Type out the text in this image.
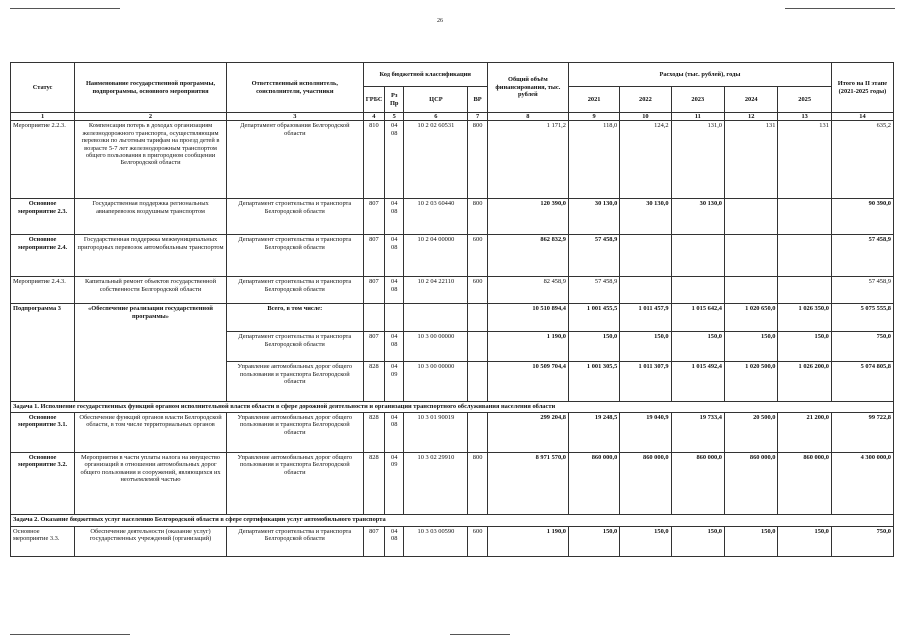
26
Статус	Наименование государственной программы, подпрограммы, основного мероприятия	Ответственный исполнитель, соисполнители, участники	Код бюджетной классификации				Общий объём финансирования, тыс. рублей	Расходы (тыс. рублей), годы					Итого на II этапе (2021-2025 годы)
			ГРБС	Рз Пр	ЦСР	ВР		2021	2022	2023	2024	2025	
1	2	3	4	5	6	7	8	9	10	11	12	13	14
Мероприятие 2.2.3.	Компенсация потерь в доходах организациям железнодорожного транспорта, осуществляющим перевозки по льготным тарифам на проезд детей в возрасте 5-7 лет железнодорожным транспортом общего пользования в пригородном сообщении Белгородской области	Департамент образования Белгородской области	810	04 08	10 2 02 60531	800	1 171,2	118,0	124,2	131,0	131	131	635,2
Основное мероприятие 2.3.	Государственная поддержка региональных авиаперевозок воздушным транспортом	Департамент строительства и транспорта Белгородской области	807	04 08	10 2 03 60440	800	120 390,0	30 130,0	30 130,0	30 130,0			90 390,0
Основное мероприятие 2.4.	Государственная поддержка межмуниципальных пригородных перевозок автомобильным транспортом	Департамент строительства и транспорта Белгородской области	807	04 08	10 2 04 00000	600	862 832,9	57 458,9					57 458,9
Мероприятие 2.4.3.	Капитальный ремонт объектов государственной собственности Белгородской области	Департамент строительства и транспорта Белгородской области	807	04 08	10 2 04 22110	600	82 458,9	57 458,9					57 458,9
Подпрограмма 3	«Обеспечение реализации государственной программы»	Всего, в том числе:					10 510 894,4	1 001 455,5	1 011 457,9	1 015 642,4	1 020 650,0	1 026 350,0	5 075 555,8
		Департамент строительства и транспорта Белгородской области	807	04 08	10 3 00 00000		1 190,0	150,0	150,0	150,0	150,0	150,0	750,0
		Управление автомобильных дорог общего пользования и транспорта Белгородской области	828	04 09	10 3 00 00000		10 509 704,4	1 001 305,5	1 011 307,9	1 015 492,4	1 020 500,0	1 026 200,0	5 074 805,8
Задача 1. Исполнение государственных функций органом исполнительной власти области в сфере дорожной деятельности и организации транспортного обслуживания населения области													
Основное мероприятие 3.1.	Обеспечение функций органов власти Белгородской области, в том числе территориальных органов	Управление автомобильных дорог общего пользования и транспорта Белгородской области	828	04 08	10 3 01 90019		299 204,8	19 248,5	19 040,9	19 733,4	20 500,0	21 200,0	99 722,8
Основное мероприятие 3.2.	Мероприятия в части уплаты налога на имущество организаций в отношении автомобильных дорог общего пользования и сооружений, являющихся их неотъемлемой частью	Управление автомобильных дорог общего пользования и транспорта Белгородской области	828	04 09	10 3 02 29910	800	8 971 570,0	860 000,0	860 000,0	860 000,0	860 000,0	860 000,0	4 300 000,0
Задача 2. Оказание бюджетных услуг населению Белгородской области в сфере сертификации услуг автомобильного транспорта													
Основное мероприятие 3.3.	Обеспечение деятельности (оказание услуг) государственных учреждений (организаций)	Департамент строительства и транспорта Белгородской области	807	04 08	10 3 03 00590	600	1 190,0	150,0	150,0	150,0	150,0	150,0	750,0
